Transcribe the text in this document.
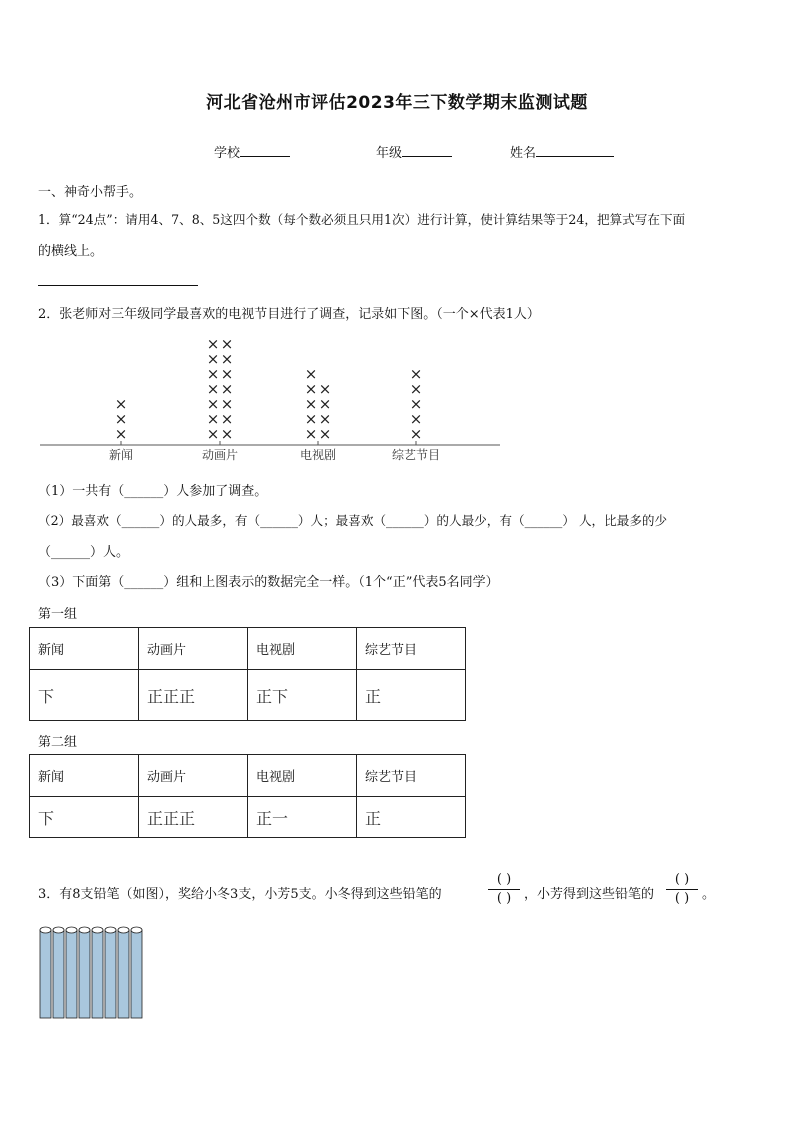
河北省沧州市评估2023年三下数学期末监测试题
学校	年级	姓名
一、神奇小帮手。
1．算“24点”：请用4、7、8、5这四个数（每个数必须且只用1次）进行计算，使计算结果等于24，把算式写在下面
的横线上。
2．张老师对三年级同学最喜欢的电视节目进行了调查，记录如下图。（一个×代表1人）
新闻
×
×
×
动画片
× ×
× ×
× ×
× ×
× ×
× ×
× ×
电视剧
× ×
× ×
× ×
× ×
×
综艺节目
×
×
×
×
×
（1）一共有（______）人参加了调查。
（2）最喜欢（______）的人最多，有（______）人；最喜欢（______）的人最少，有（______） 人，比最多的少
（______）人。
（3）下面第（______）组和上图表示的数据完全一样。（1个“正”代表5名同学）
第一组
新闻	动画片	电视剧	综艺节目
下	正正正	正下	正
第二组
新闻	动画片	电视剧	综艺节目
下	正正正	正一	正
3．有8支铅笔（如图），奖给小冬3支，小芳5支。小冬得到这些铅笔的
( )
( ) ，小芳得到这些铅笔的
( )
( ) 。
